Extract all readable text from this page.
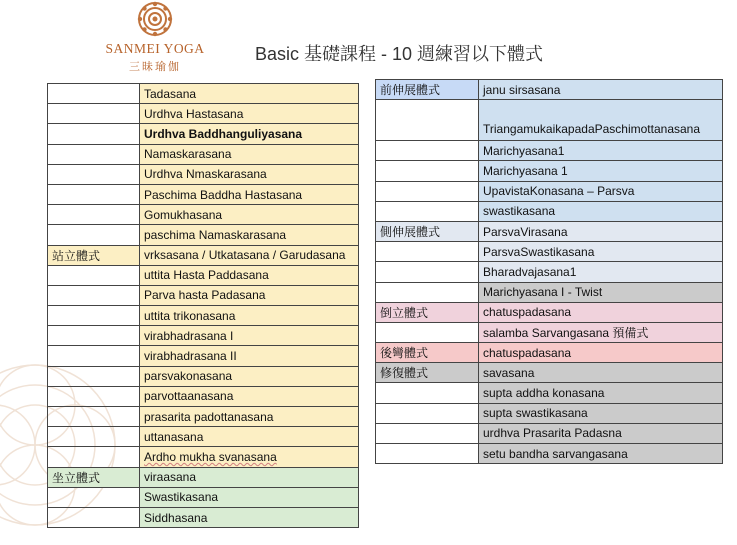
SANMEI YOGA
三昧瑜伽
Basic 基礎課程 - 10 週練習以下體式
	Tadasana
	Urdhva Hastasana
	Urdhva Baddhanguliyasana
	Namaskarasana
	Urdhva Nmaskarasana
	Paschima Baddha Hastasana
	Gomukhasana
	paschima Namaskarasana
站立體式	vrksasana / Utkatasana / Garudasana
	uttita Hasta Paddasana
	Parva hasta Padasana
	uttita trikonasana
	virabhadrasana I
	virabhadrasana II
	parsvakonasana
	parvottaanasana
	prasarita padottanasana
	uttanasana
	Ardho mukha svanasana
坐立體式	viraasana
	Swastikasana
	Siddhasana
前伸展體式	janu sirsasana
	TriangamukaikapadaPaschimottanasana
	Marichyasana1
	Marichyasana 1
	UpavistaKonasana – Parsva
	swastikasana
側伸展體式	ParsvaVirasana
	ParsvaSwastikasana
	Bharadvajasana1
	Marichyasana I - Twist
倒立體式	chatuspadasana
	salamba Sarvangasana 預備式
後彎體式	chatuspadasana
修復體式	savasana
	supta addha konasana
	supta swastikasana
	urdhva Prasarita Padasna
	setu bandha sarvangasana
